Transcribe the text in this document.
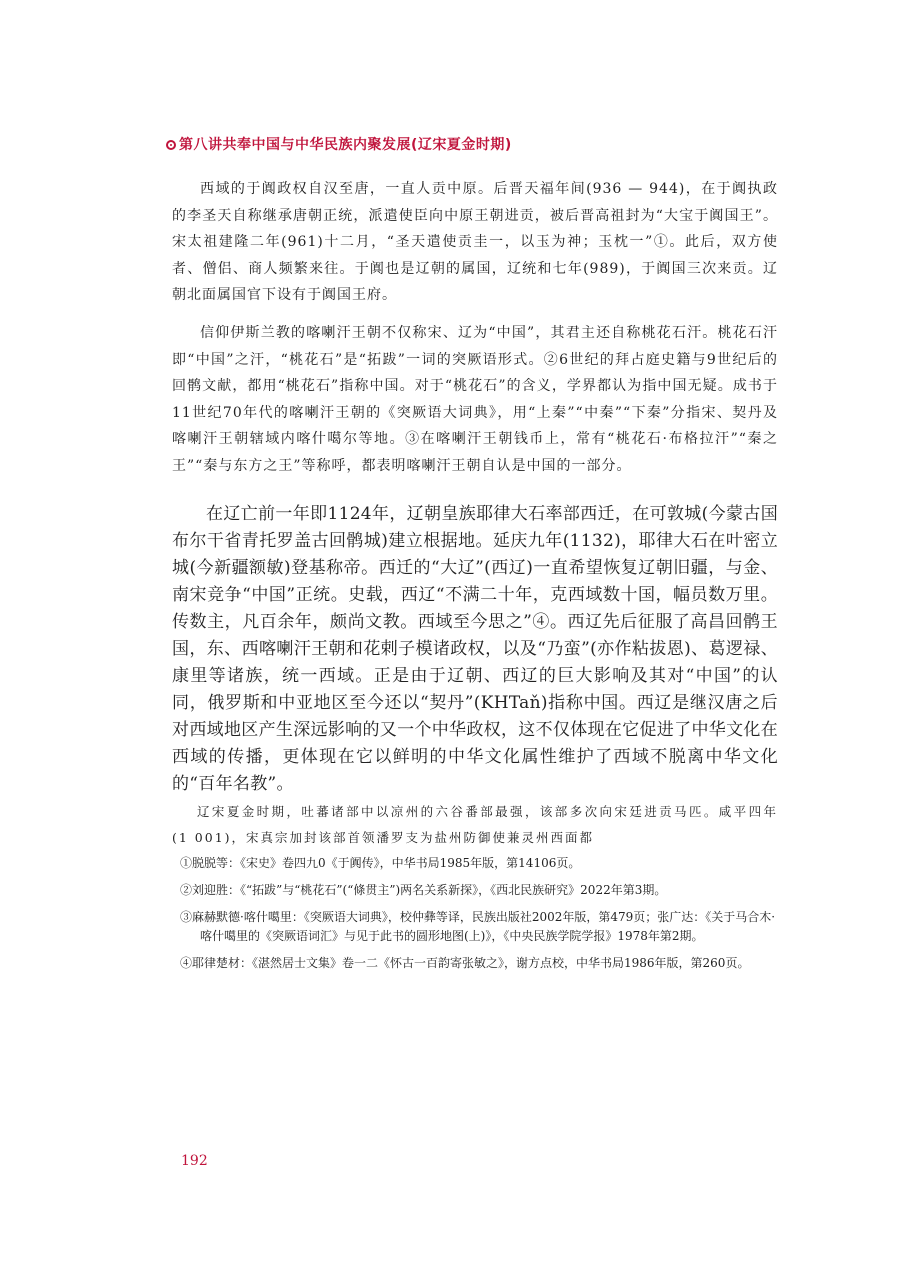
第八讲共奉中国与中华民族内聚发展(辽宋夏金时期)

西域的于阗政权自汉至唐，一直人贡中原。后晋天福年间(936 — 944)，在于阗执政的李圣天自称继承唐朝正统，派遣使臣向中原王朝进贡，被后晋高祖封为“大宝于阗国王”。宋太祖建隆二年(961)十二月，“圣天遣使贡圭一，以玉为神；玉枕一”①。此后，双方使者、僧侣、商人频繁来往。于阗也是辽朝的属国，辽统和七年(989)，于阗国三次来贡。辽朝北面属国官下设有于阗国王府。

信仰伊斯兰教的喀喇汗王朝不仅称宋、辽为“中国”，其君主还自称桃花石汗。桃花石汗即“中国”之汗，“桃花石”是“拓跋”一词的突厥语形式。②6世纪的拜占庭史籍与9世纪后的回鹘文献，都用“桃花石”指称中国。对于“桃花石”的含义，学界都认为指中国无疑。成书于11世纪70年代的喀喇汗王朝的《突厥语大词典》，用“上秦”“中秦”“下秦”分指宋、契丹及喀喇汗王朝辖域内喀什噶尔等地。③在喀喇汗王朝钱币上，常有“桃花石·布格拉汗”“秦之王”“秦与东方之王”等称呼，都表明喀喇汗王朝自认是中国的一部分。

在辽亡前一年即1124年，辽朝皇族耶律大石率部西迁，在可敦城(今蒙古国布尔干省青托罗盖古回鹘城)建立根据地。延庆九年(1132)，耶律大石在叶密立城(今新疆额敏)登基称帝。西迁的“大辽”(西辽)一直希望恢复辽朝旧疆，与金、南宋竞争“中国”正统。史载，西辽“不满二十年，克西域数十国，幅员数万里。传数主，凡百余年，颇尚文教。西域至今思之”④。西辽先后征服了高昌回鹘王国，东、西喀喇汗王朝和花剌子模诸政权，以及“乃蛮”(亦作粘拔恩)、葛逻禄、康里等诸族，统一西域。正是由于辽朝、西辽的巨大影响及其对“中国”的认同，俄罗斯和中亚地区至今还以“契丹”(KHTaň)指称中国。西辽是继汉唐之后对西域地区产生深远影响的又一个中华政权，这不仅体现在它促进了中华文化在西域的传播，更体现在它以鲜明的中华文化属性维护了西域不脱离中华文化的“百年名教”。

辽宋夏金时期，吐蕃诸部中以凉州的六谷番部最强，该部多次向宋廷进贡马匹。咸平四年(1 001)，宋真宗加封该部首领潘罗支为盐州防御使兼灵州西面都

①脱脱等：《宋史》卷四九0《于阗传》，中华书局1985年版，第14106页。

②刘迎胜：《“拓跋”与“桃花石”(“條贯主”)两名关系新探》，《西北民族研究》2022年第3期。

③麻赫默德·喀什噶里：《突厥语大词典》，校仲彝等译，民族出版社2002年版，第479页；张广达：《关于马合木·喀什噶里的《突厥语词汇》与见于此书的圆形地图(上)》，《中央民族学院学报》1978年第2期。

④耶律楚材：《湛然居士文集》卷一二《怀古一百韵寄张敏之》，谢方点校，中华书局1986年版，第260页。

192
